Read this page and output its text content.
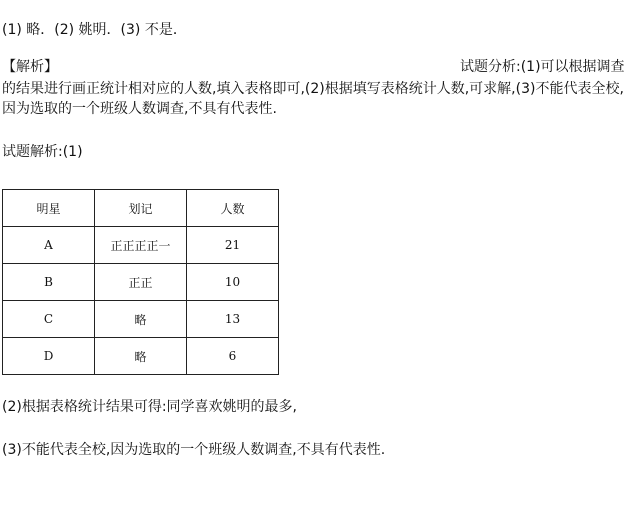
(1) 略．(2) 姚明．(3) 不是．
【解析】	试题分析:(1)可以根据调查
的结果进行画正统计相对应的人数,填入表格即可,(2)根据填写表格统计人数,可求解,(3)不能代表全校,因为选取的一个班级人数调查,不具有代表性.
试题解析:(1)
明星	划记	人数
A	正正正正一	21
B	正正	10
C	略	13
D	略	6
(2)根据表格统计结果可得:同学喜欢姚明的最多,
(3)不能代表全校,因为选取的一个班级人数调查,不具有代表性.
